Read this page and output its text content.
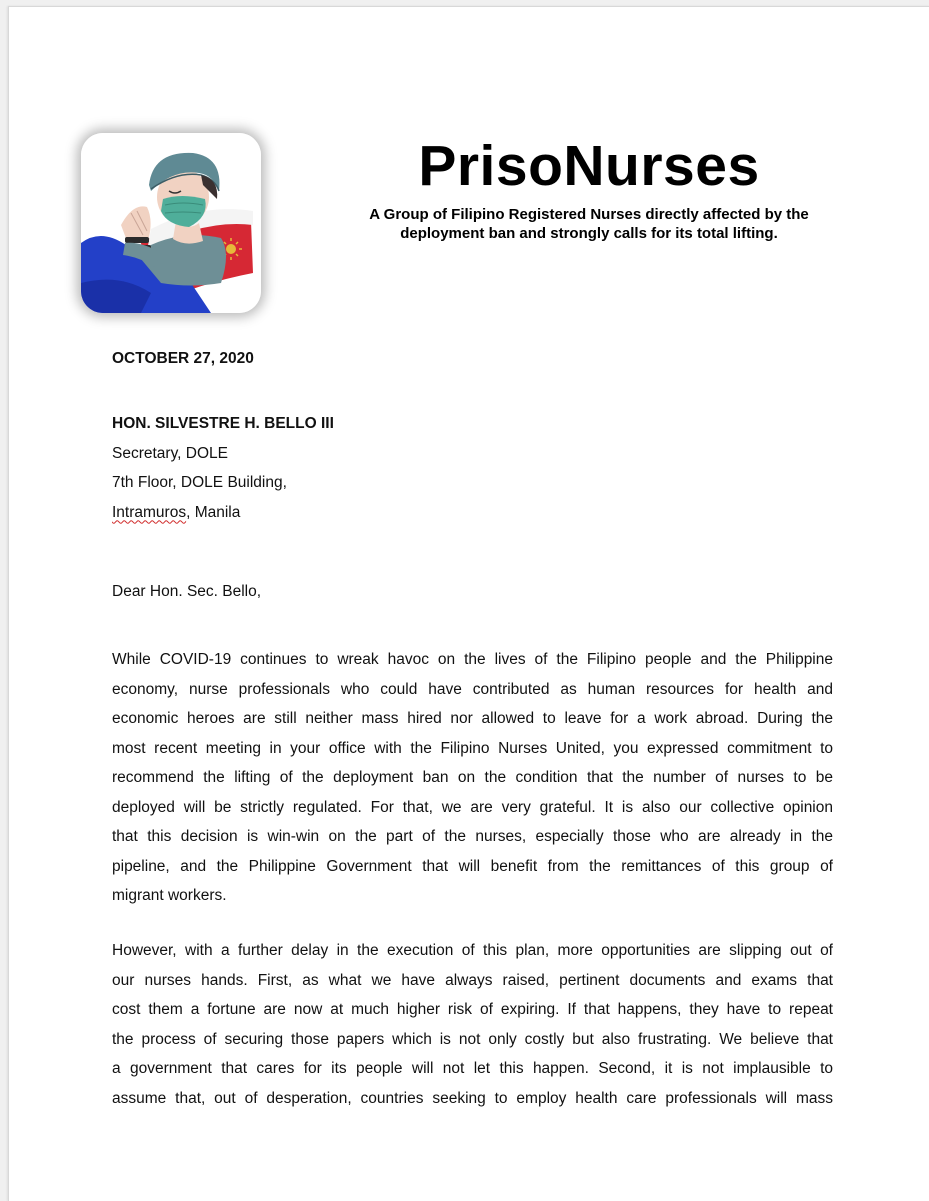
PrisoNurses
A Group of Filipino Registered Nurses directly affected by the
deployment ban and strongly calls for its total lifting.
OCTOBER 27, 2020
HON. SILVESTRE H. BELLO III
Secretary, DOLE
7th Floor, DOLE Building,
Intramuros, Manila
Dear Hon. Sec. Bello,
While COVID-19 continues to wreak havoc on the lives of the Filipino people and the Philippine
economy, nurse professionals who could have contributed as human resources for health and
economic heroes are still neither mass hired nor allowed to leave for a work abroad. During the
most recent meeting in your office with the Filipino Nurses United, you expressed commitment to
recommend the lifting of the deployment ban on the condition that the number of nurses to be
deployed will be strictly regulated. For that, we are very grateful. It is also our collective opinion
that this decision is win-win on the part of the nurses, especially those who are already in the
pipeline, and the Philippine Government that will benefit from the remittances of this group of
migrant workers.
However, with a further delay in the execution of this plan, more opportunities are slipping out of
our nurses hands. First, as what we have always raised, pertinent documents and exams that
cost them a fortune are now at much higher risk of expiring. If that happens, they have to repeat
the process of securing those papers which is not only costly but also frustrating. We believe that
a government that cares for its people will not let this happen. Second, it is not implausible to
assume that, out of desperation, countries seeking to employ health care professionals will mass
